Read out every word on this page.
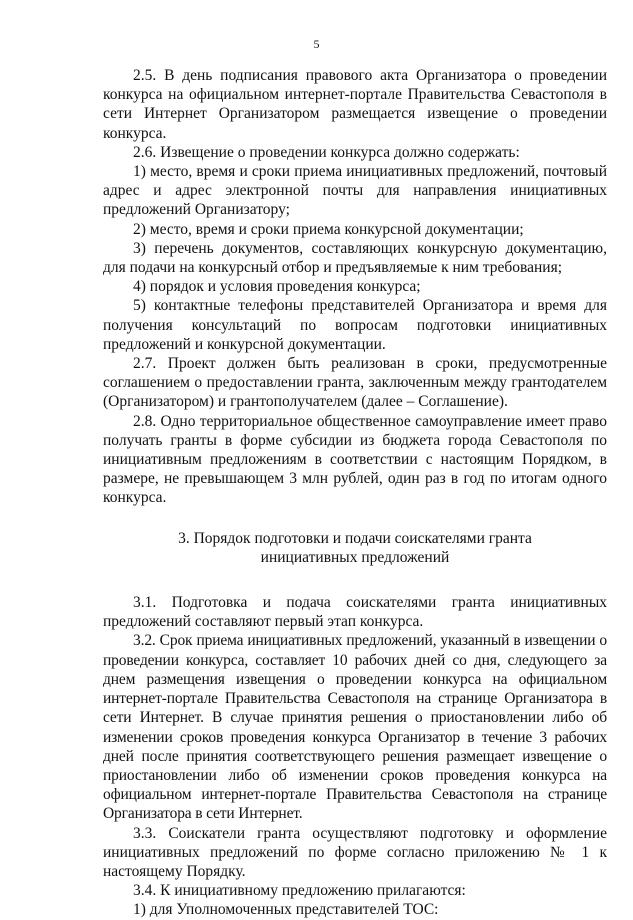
5

2.5. В день подписания правового акта Организатора о проведении конкурса на официальном интернет-портале Правительства Севастополя в сети Интернет Организатором размещается извещение о проведении конкурса.

2.6. Извещение о проведении конкурса должно содержать:

1) место, время и сроки приема инициативных предложений, почтовый адрес и адрес электронной почты для направления инициативных предложений Организатору;

2) место, время и сроки приема конкурсной документации;

3) перечень документов, составляющих конкурсную документацию, для подачи на конкурсный отбор и предъявляемые к ним требования;

4) порядок и условия проведения конкурса;

5) контактные телефоны представителей Организатора и время для получения консультаций по вопросам подготовки инициативных предложений и конкурсной документации.

2.7. Проект должен быть реализован в сроки, предусмотренные соглашением о предоставлении гранта, заключенным между грантодателем (Организатором) и грантополучателем (далее – Соглашение).

2.8. Одно территориальное общественное самоуправление имеет право получать гранты в форме субсидии из бюджета города Севастополя по инициативным предложениям в соответствии с настоящим Порядком, в размере, не превышающем 3 млн рублей, один раз в год по итогам одного конкурса.

3. Порядок подготовки и подачи соискателями гранта
инициативных предложений

3.1. Подготовка и подача соискателями гранта инициативных предложений составляют первый этап конкурса.

3.2. Срок приема инициативных предложений, указанный в извещении о проведении конкурса, составляет 10 рабочих дней со дня, следующего за днем размещения извещения о проведении конкурса на официальном интернет-портале Правительства Севастополя на странице Организатора в сети Интернет. В случае принятия решения о приостановлении либо об изменении сроков проведения конкурса Организатор в течение 3 рабочих дней после принятия соответствующего решения размещает извещение о приостановлении либо об изменении сроков проведения конкурса на официальном интернет-портале Правительства Севастополя на странице Организатора в сети Интернет.

3.3. Соискатели гранта осуществляют подготовку и оформление инициативных предложений по форме согласно приложению № 1 к настоящему Порядку.

3.4. К инициативному предложению прилагаются:

1) для Уполномоченных представителей ТОС:
